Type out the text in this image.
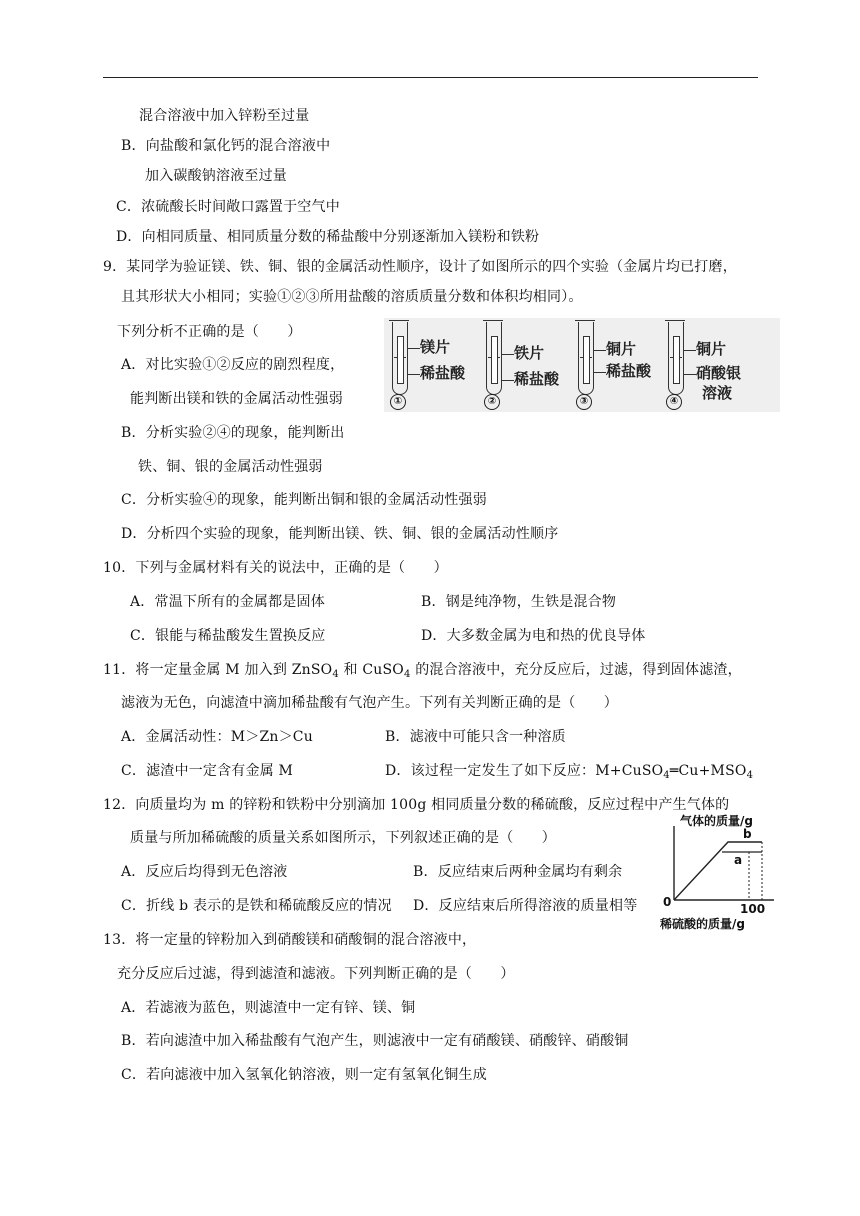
混合溶液中加入锌粉至过量
B．向盐酸和氯化钙的混合溶液中
加入碳酸钠溶液至过量
C．浓硫酸长时间敞口露置于空气中
D．向相同质量、相同质量分数的稀盐酸中分别逐渐加入镁粉和铁粉
9．某同学为验证镁、铁、铜、银的金属活动性顺序，设计了如图所示的四个实验（金属片均已打磨，
且其形状大小相同；实验①②③所用盐酸的溶质质量分数和体积均相同）。
下列分析不正确的是（　　）
A．对比实验①②反应的剧烈程度，
能判断出镁和铁的金属活动性强弱
B．分析实验②④的现象，能判断出
铁、铜、银的金属活动性强弱
C．分析实验④的现象，能判断出铜和银的金属活动性强弱
D．分析四个实验的现象，能判断出镁、铁、铜、银的金属活动性顺序
镁片
稀盐酸
①
铁片
稀盐酸
②
铜片
稀盐酸
③
铜片
硝酸银
溶液
④
10．下列与金属材料有关的说法中，正确的是（　　）
A．常温下所有的金属都是固体	B．钢是纯净物，生铁是混合物
C．银能与稀盐酸发生置换反应	D．大多数金属为电和热的优良导体
11．将一定量金属 M 加入到 ZnSO$_4$ 和 CuSO$_4$ 的混合溶液中，充分反应后，过滤，得到固体滤渣，
滤液为无色，向滤渣中滴加稀盐酸有气泡产生。下列有关判断正确的是（　　）
A．金属活动性：M＞Zn＞Cu	B．滤液中可能只含一种溶质
C．滤渣中一定含有金属 M	D．该过程一定发生了如下反应：$M+CuSO_4═Cu+MSO_4$
12．向质量均为 m 的锌粉和铁粉中分别滴加 100g 相同质量分数的稀硫酸，反应过程中产生气体的
质量与所加稀硫酸的质量关系如图所示，下列叙述正确的是（　　）
A．反应后均得到无色溶液	B．反应结束后两种金属均有剩余
C．折线 b 表示的是铁和稀硫酸反应的情况 D．反应结束后所得溶液的质量相等
气体的质量/g
b
a
0	100
稀硫酸的质量/g
13．将一定量的锌粉加入到硝酸镁和硝酸铜的混合溶液中，
充分反应后过滤，得到滤渣和滤液。下列判断正确的是（　　）
A．若滤液为蓝色，则滤渣中一定有锌、镁、铜
B．若向滤渣中加入稀盐酸有气泡产生，则滤液中一定有硝酸镁、硝酸锌、硝酸铜
C．若向滤液中加入氢氧化钠溶液，则一定有氢氧化铜生成
